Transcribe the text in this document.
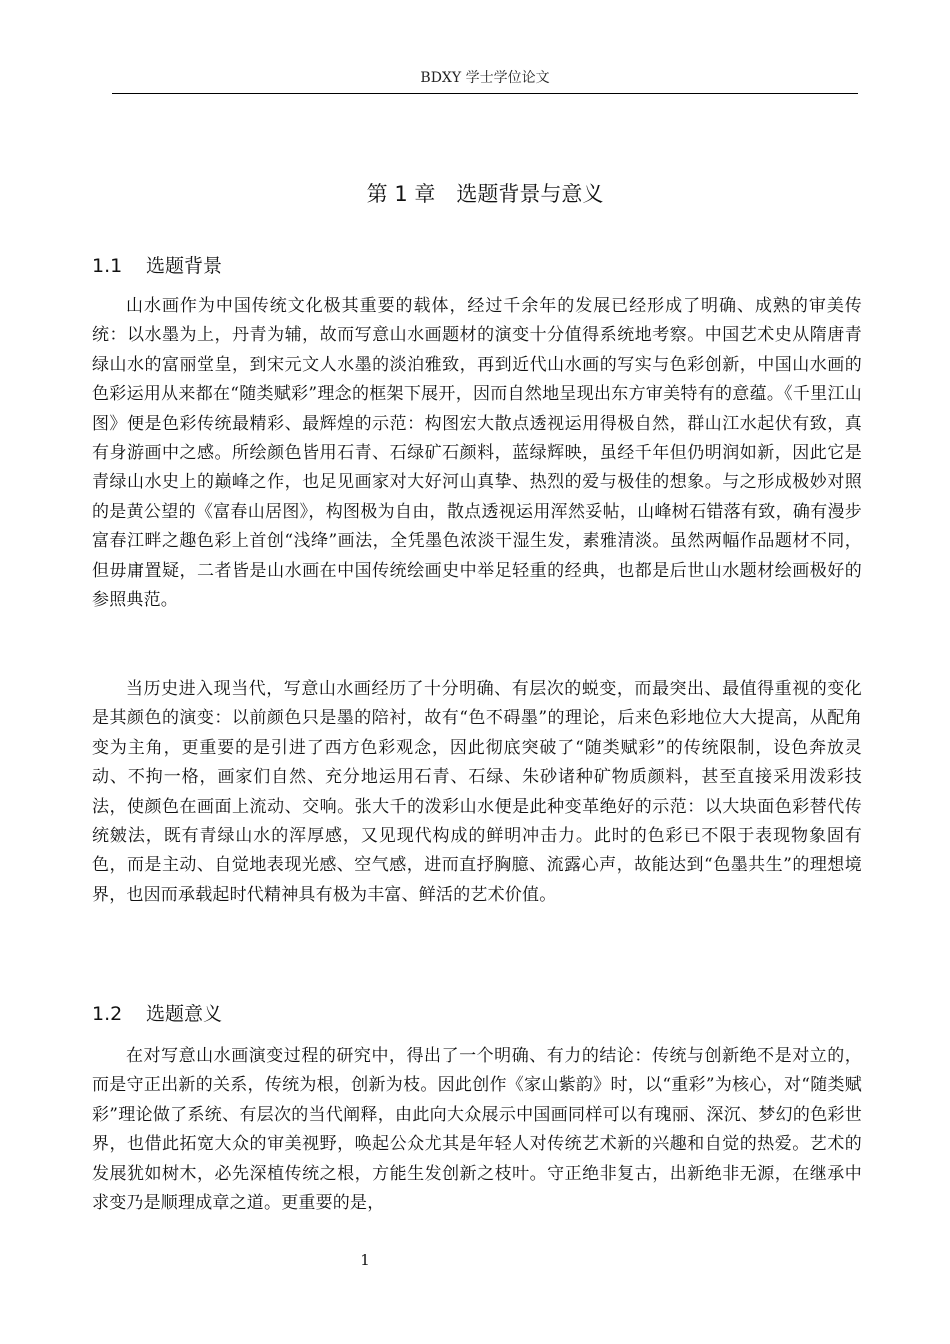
BDXY 学士学位论文
第 1 章　选题背景与意义
1.1 选题背景

山水画作为中国传统文化极其重要的载体，经过千余年的发展已经形成了明确、成熟的审美传统：以水墨为上，丹青为辅，故而写意山水画题材的演变十分值得系统地考察。中国艺术史从隋唐青绿山水的富丽堂皇，到宋元文人水墨的淡泊雅致，再到近代山水画的写实与色彩创新，中国山水画的色彩运用从来都在“随类赋彩”理念的框架下展开，因而自然地呈现出东方审美特有的意蕴。《千里江山图》便是色彩传统最精彩、最辉煌的示范：构图宏大散点透视运用得极自然，群山江水起伏有致，真有身游画中之感。所绘颜色皆用石青、石绿矿石颜料，蓝绿辉映，虽经千年但仍明润如新，因此它是青绿山水史上的巅峰之作，也足见画家对大好河山真挚、热烈的爱与极佳的想象。与之形成极妙对照的是黄公望的《富春山居图》，构图极为自由，散点透视运用浑然妥帖，山峰树石错落有致，确有漫步富春江畔之趣色彩上首创“浅绛”画法，全凭墨色浓淡干湿生发，素雅清淡。虽然两幅作品题材不同，但毋庸置疑，二者皆是山水画在中国传统绘画史中举足轻重的经典，也都是后世山水题材绘画极好的参照典范。

当历史进入现当代，写意山水画经历了十分明确、有层次的蜕变，而最突出、最值得重视的变化是其颜色的演变：以前颜色只是墨的陪衬，故有“色不碍墨”的理论，后来色彩地位大大提高，从配角变为主角，更重要的是引进了西方色彩观念，因此彻底突破了“随类赋彩”的传统限制，设色奔放灵动、不拘一格，画家们自然、充分地运用石青、石绿、朱砂诸种矿物质颜料，甚至直接采用泼彩技法，使颜色在画面上流动、交响。张大千的泼彩山水便是此种变革绝好的示范：以大块面色彩替代传统皴法，既有青绿山水的浑厚感，又见现代构成的鲜明冲击力。此时的色彩已不限于表现物象固有色，而是主动、自觉地表现光感、空气感，进而直抒胸臆、流露心声，故能达到“色墨共生”的理想境界，也因而承载起时代精神具有极为丰富、鲜活的艺术价值。

1.2 选题意义

在对写意山水画演变过程的研究中，得出了一个明确、有力的结论：传统与创新绝不是对立的，而是守正出新的关系，传统为根，创新为枝。因此创作《家山紫韵》时，以“重彩”为核心，对“随类赋彩”理论做了系统、有层次的当代阐释，由此向大众展示中国画同样可以有瑰丽、深沉、梦幻的色彩世界，也借此拓宽大众的审美视野，唤起公众尤其是年轻人对传统艺术新的兴趣和自觉的热爱。艺术的发展犹如树木，必先深植传统之根，方能生发创新之枝叶。守正绝非复古，出新绝非无源，在继承中求变乃是顺理成章之道。更重要的是，

1
